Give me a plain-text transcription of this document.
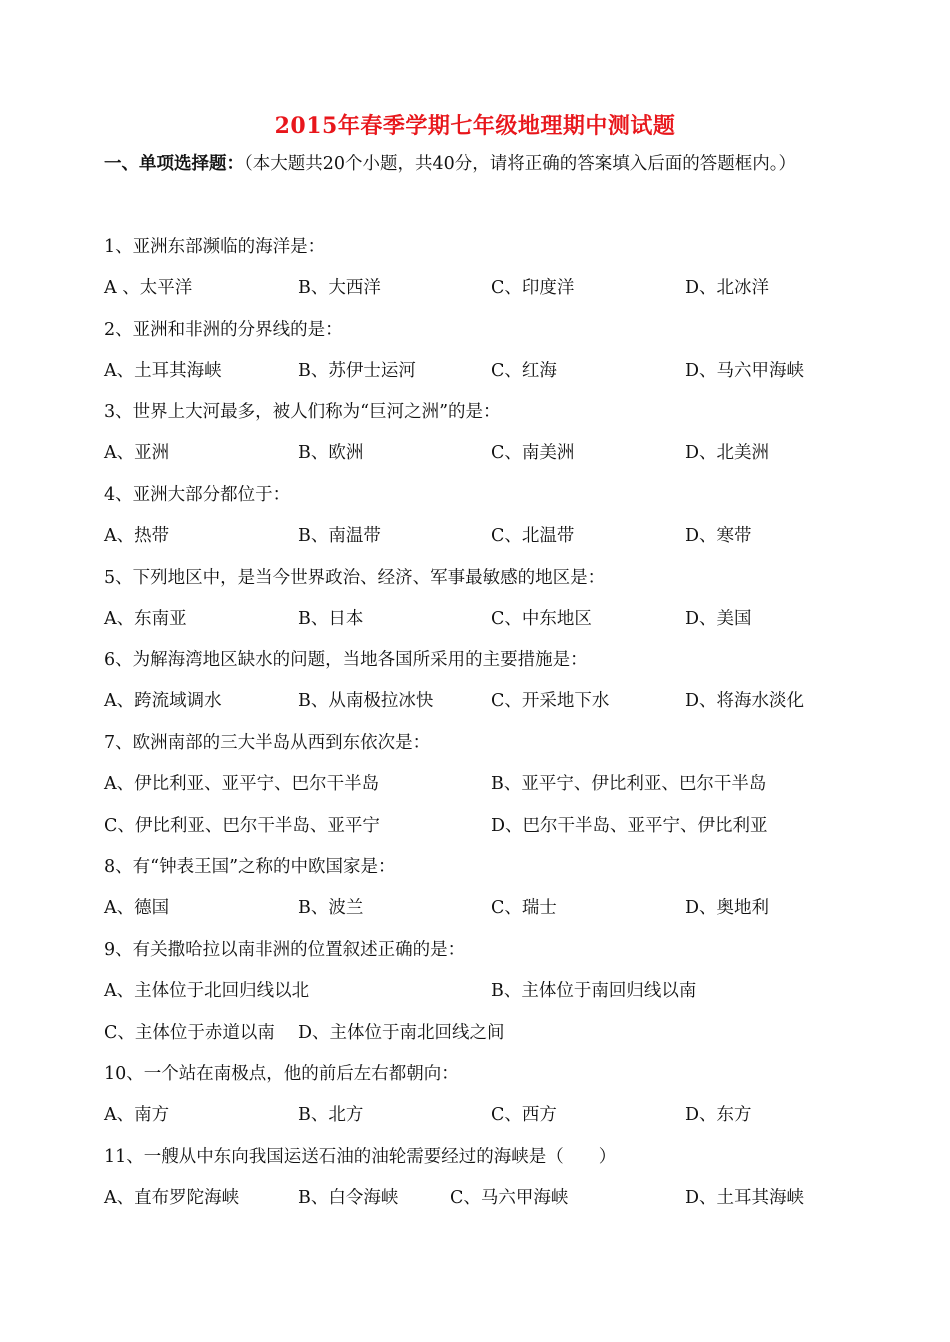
2015年春季学期七年级地理期中测试题
一、单项选择题：（本大题共20个小题，共40分，请将正确的答案填入后面的答题框内。）
1、亚洲东部濒临的海洋是：
A 、太平洋	B、大西洋	C、印度洋	D、北冰洋
2、亚洲和非洲的分界线的是：
A、土耳其海峡	B、苏伊士运河	C、红海	D、马六甲海峡
3、世界上大河最多，被人们称为“巨河之洲”的是：
A、亚洲	B、欧洲	C、南美洲	D、北美洲
4、亚洲大部分都位于：
A、热带	B、南温带	C、北温带	D、寒带
5、下列地区中，是当今世界政治、经济、军事最敏感的地区是：
A、东南亚	B、日本	C、中东地区	D、美国
6、为解海湾地区缺水的问题，当地各国所采用的主要措施是：
A、跨流域调水	B、从南极拉冰快	C、开采地下水	D、将海水淡化
7、欧洲南部的三大半岛从西到东依次是：
A、伊比利亚、亚平宁、巴尔干半岛	B、亚平宁、伊比利亚、巴尔干半岛
C、伊比利亚、巴尔干半岛、亚平宁	D、巴尔干半岛、亚平宁、伊比利亚
8、有“钟表王国”之称的中欧国家是：
A、德国	B、波兰	C、瑞士	D、奥地利
9、有关撒哈拉以南非洲的位置叙述正确的是：
A、主体位于北回归线以北	B、主体位于南回归线以南
C、主体位于赤道以南 D、主体位于南北回线之间
10、一个站在南极点，他的前后左右都朝向：
A、南方	B、北方	C、西方	D、东方
11、一艘从中东向我国运送石油的油轮需要经过的海峡是（　　）
A、直布罗陀海峡	B、白令海峡	C、马六甲海峡	D、土耳其海峡
